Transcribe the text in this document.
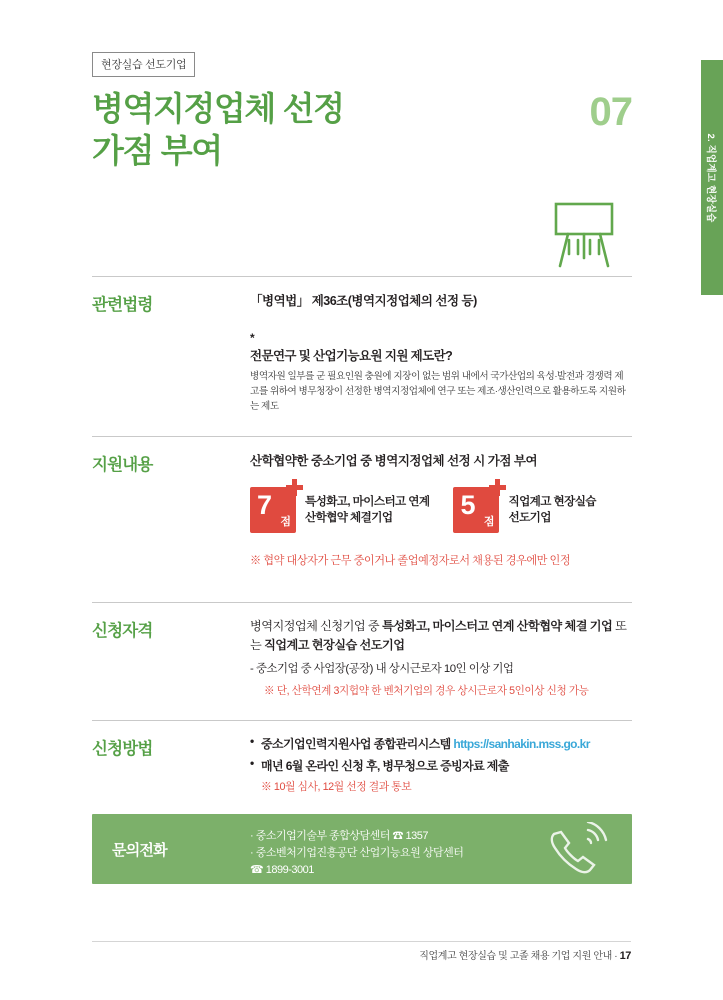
2. 직업계고 현장실습
현장실습 선도기업
병역지정업체 선정
가점 부여
07
관련법령	「병역법」 제36조(병역지정업체의 선정 등)

*

전문연구 및 산업기능요원 지원 제도란?

병역자원 일부를 군 필요인원 충원에 지장이 없는 범위 내에서 국가산업의 육성·발전과 경쟁력 제고를 위하여 병무청장이 선정한 병역지정업체에 연구 또는 제조·생산인력으로 활용하도록 지원하는 제도

지원내용	산학협약한 중소기업 중 병역지정업체 선정 시 가점 부여

7
점
특성화고, 마이스터고 연계
산학협약 체결기업	5
점
직업계고 현장실습
선도기업

※ 협약 대상자가 근무 중이거나 졸업예정자로서 채용된 경우에만 인정

신청자격	병역지정업체 신청기업 중 특성화고, 마이스터고 연계 산학협약 체결 기업 또는 직업계고 현장실습 선도기업

- 중소기업 중 사업장(공장) 내 상시근로자 10인 이상 기업

※ 단, 산학연계 3지헙약 한 벤처기업의 경우 상시근로자 5인이상 신청 가능

신청방법	• 중소기업인력지원사업 종합관리시스템 https://sanhakin.mss.go.kr

• 매년 6월 온라인 신청 후, 병무청으로 증빙자료 제출

※ 10월 심사, 12월 선정 결과 통보

문의전화
· 중소기업기술부 종합상담센터 ☎ 1357
· 중소벤처기업진흥공단 산업기능요원 상담센터
☎ 1899-3001
직업계고 현장실습 및 고졸 채용 기업 지원 안내 · 17
